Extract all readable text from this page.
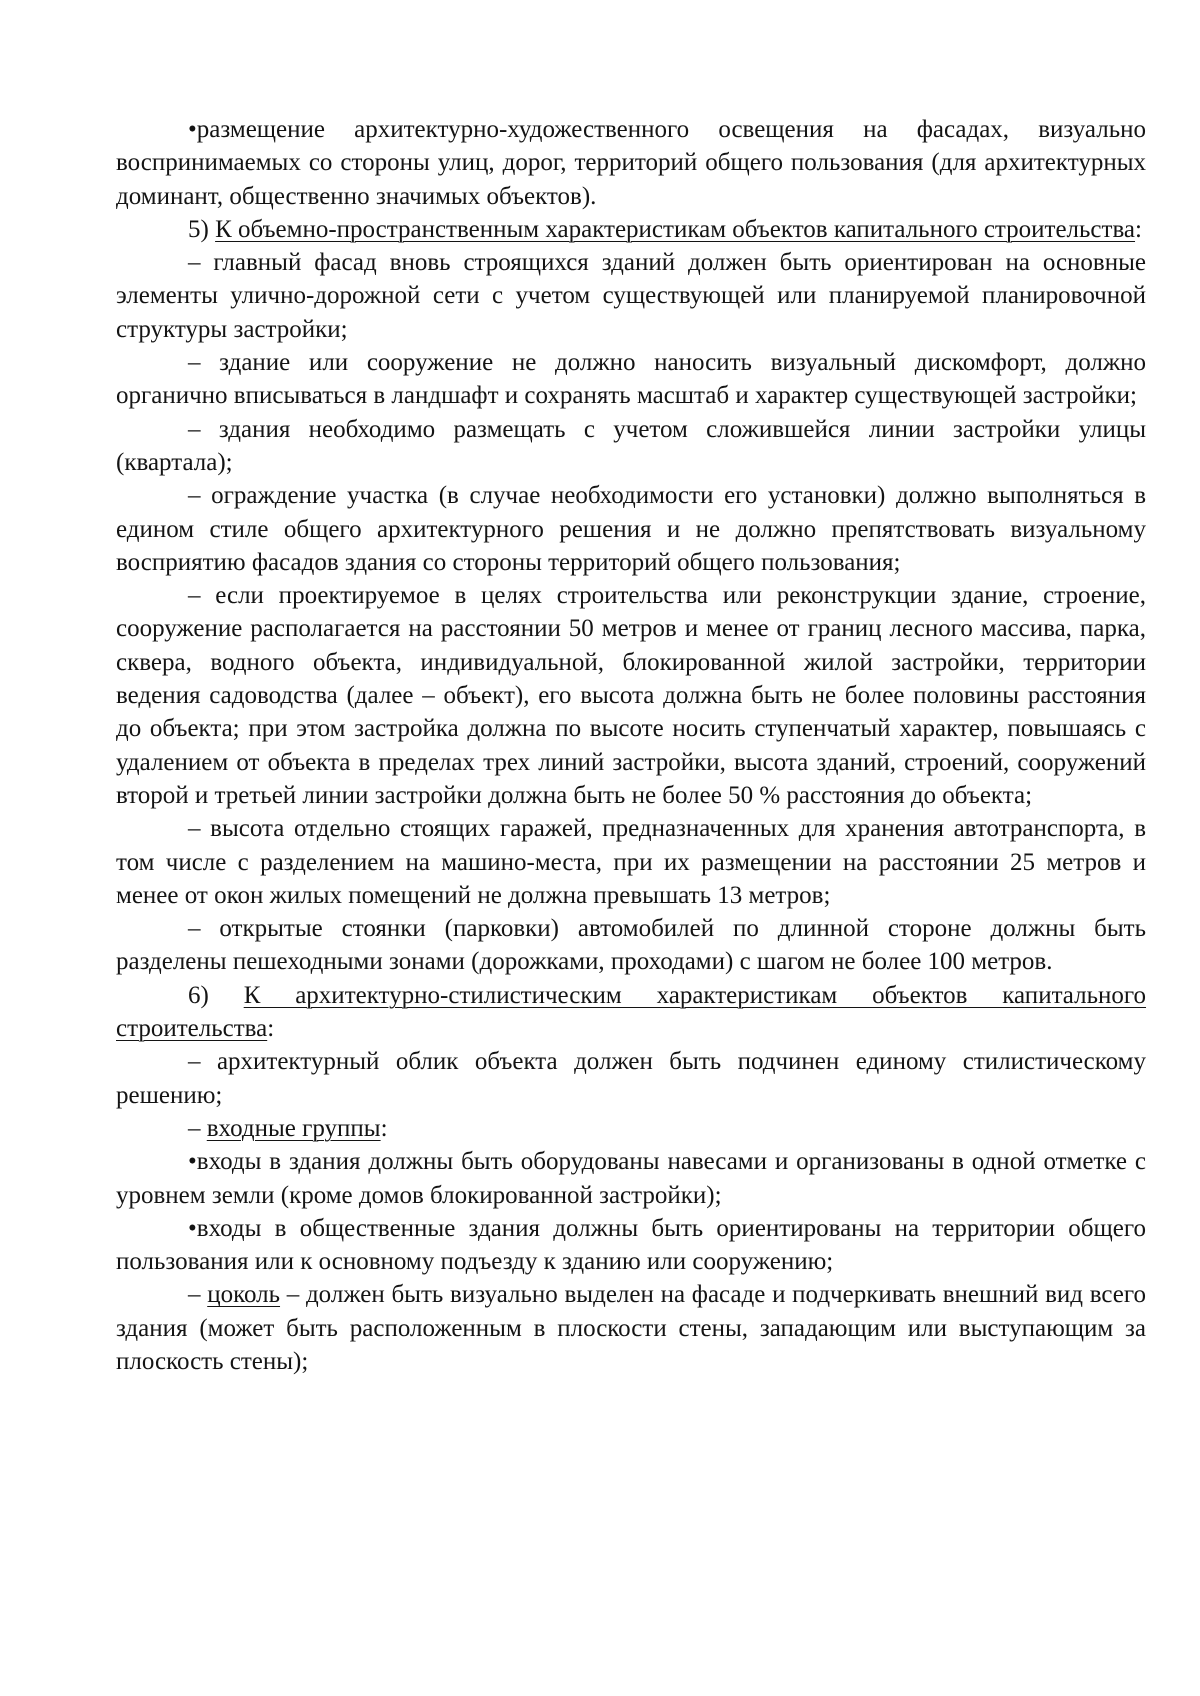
•размещение архитектурно-художественного освещения на фасадах, визуально воспринимаемых со стороны улиц, дорог, территорий общего пользования (для архитектурных доминант, общественно значимых объектов).

5) К объемно-пространственным характеристикам объектов капитального строительства:

– главный фасад вновь строящихся зданий должен быть ориентирован на основные элементы улично-дорожной сети с учетом существующей или планируемой планировочной структуры застройки;

– здание или сооружение не должно наносить визуальный дискомфорт, должно органично вписываться в ландшафт и сохранять масштаб и характер существующей застройки;

– здания необходимо размещать с учетом сложившейся линии застройки улицы (квартала);

– ограждение участка (в случае необходимости его установки) должно выполняться в едином стиле общего архитектурного решения и не должно препятствовать визуальному восприятию фасадов здания со стороны территорий общего пользования;

– если проектируемое в целях строительства или реконструкции здание, строение, сооружение располагается на расстоянии 50 метров и менее от границ лесного массива, парка, сквера, водного объекта, индивидуальной, блокированной жилой застройки, территории ведения садоводства (далее – объект), его высота должна быть не более половины расстояния до объекта; при этом застройка должна по высоте носить ступенчатый характер, повышаясь с удалением от объекта в пределах трех линий застройки, высота зданий, строений, сооружений второй и третьей линии застройки должна быть не более 50 % расстояния до объекта;

– высота отдельно стоящих гаражей, предназначенных для хранения автотранспорта, в том числе с разделением на машино-места, при их размещении на расстоянии 25 метров и менее от окон жилых помещений не должна превышать 13 метров;

– открытые стоянки (парковки) автомобилей по длинной стороне должны быть разделены пешеходными зонами (дорожками, проходами) с шагом не более 100 метров.

6) К архитектурно-стилистическим характеристикам объектов капитального строительства:

– архитектурный облик объекта должен быть подчинен единому стилистическому решению;

– входные группы:

•входы в здания должны быть оборудованы навесами и организованы в одной отметке с уровнем земли (кроме домов блокированной застройки);

•входы в общественные здания должны быть ориентированы на территории общего пользования или к основному подъезду к зданию или сооружению;

– цоколь – должен быть визуально выделен на фасаде и подчеркивать внешний вид всего здания (может быть расположенным в плоскости стены, западающим или выступающим за плоскость стены);
